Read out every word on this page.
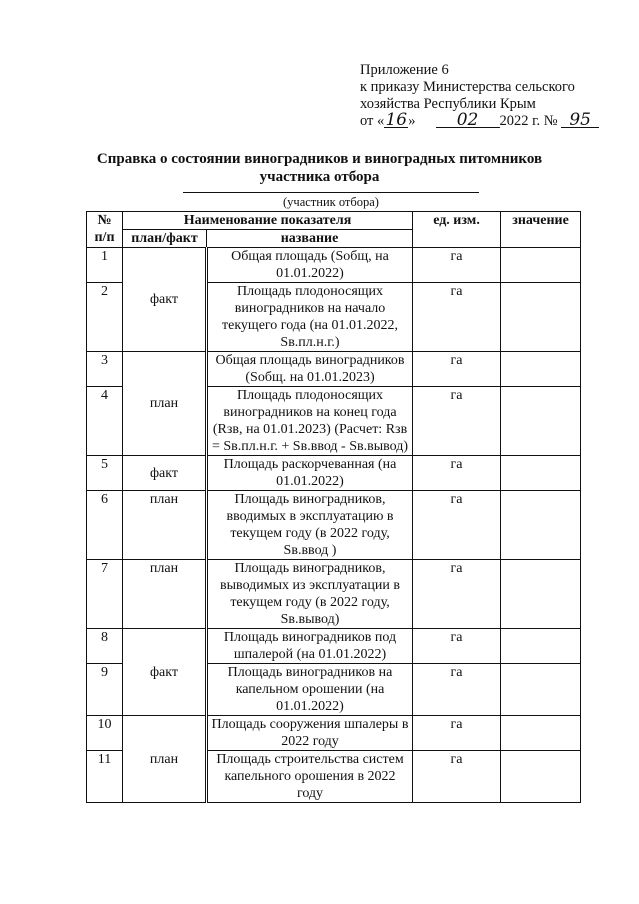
Приложение 6
к приказу Министерства сельского
хозяйства Республики Крым
от «16» 02 2022 г. № 95
Справка о состоянии виноградников и виноградных питомников
участника отбора
(участник отбора)
№ п/п	Наименование показателя		ед. изм.	значение
	план/факт	название		
1	факт	Общая площадь (Sобщ, на 01.01.2022)	га	
2		Площадь плодоносящих виноградников на начало текущего года (на 01.01.2022, Sв.пл.н.г.)	га	
3	план	Общая площадь виноградников (Sобщ. на 01.01.2023)	га	
4		Площадь плодоносящих виноградников на конец года (Rзв, на 01.01.2023) (Расчет: Rзв = Sв.пл.н.г. + Sв.ввод - Sв.вывод)	га	
5	факт	Площадь раскорчеванная (на 01.01.2022)	га	
6	план	Площадь виноградников, вводимых в эксплуатацию в текущем году (в 2022 году, Sв.ввод )	га	
7	план	Площадь виноградников, выводимых из эксплуатации в текущем году (в 2022 году, Sв.вывод)	га	
8	факт	Площадь виноградников под шпалерой (на 01.01.2022)	га	
9		Площадь виноградников на капельном орошении (на 01.01.2022)	га	
10	план	Площадь сооружения шпалеры в 2022 году	га	
11		Площадь строительства систем капельного орошения в 2022 году	га	
